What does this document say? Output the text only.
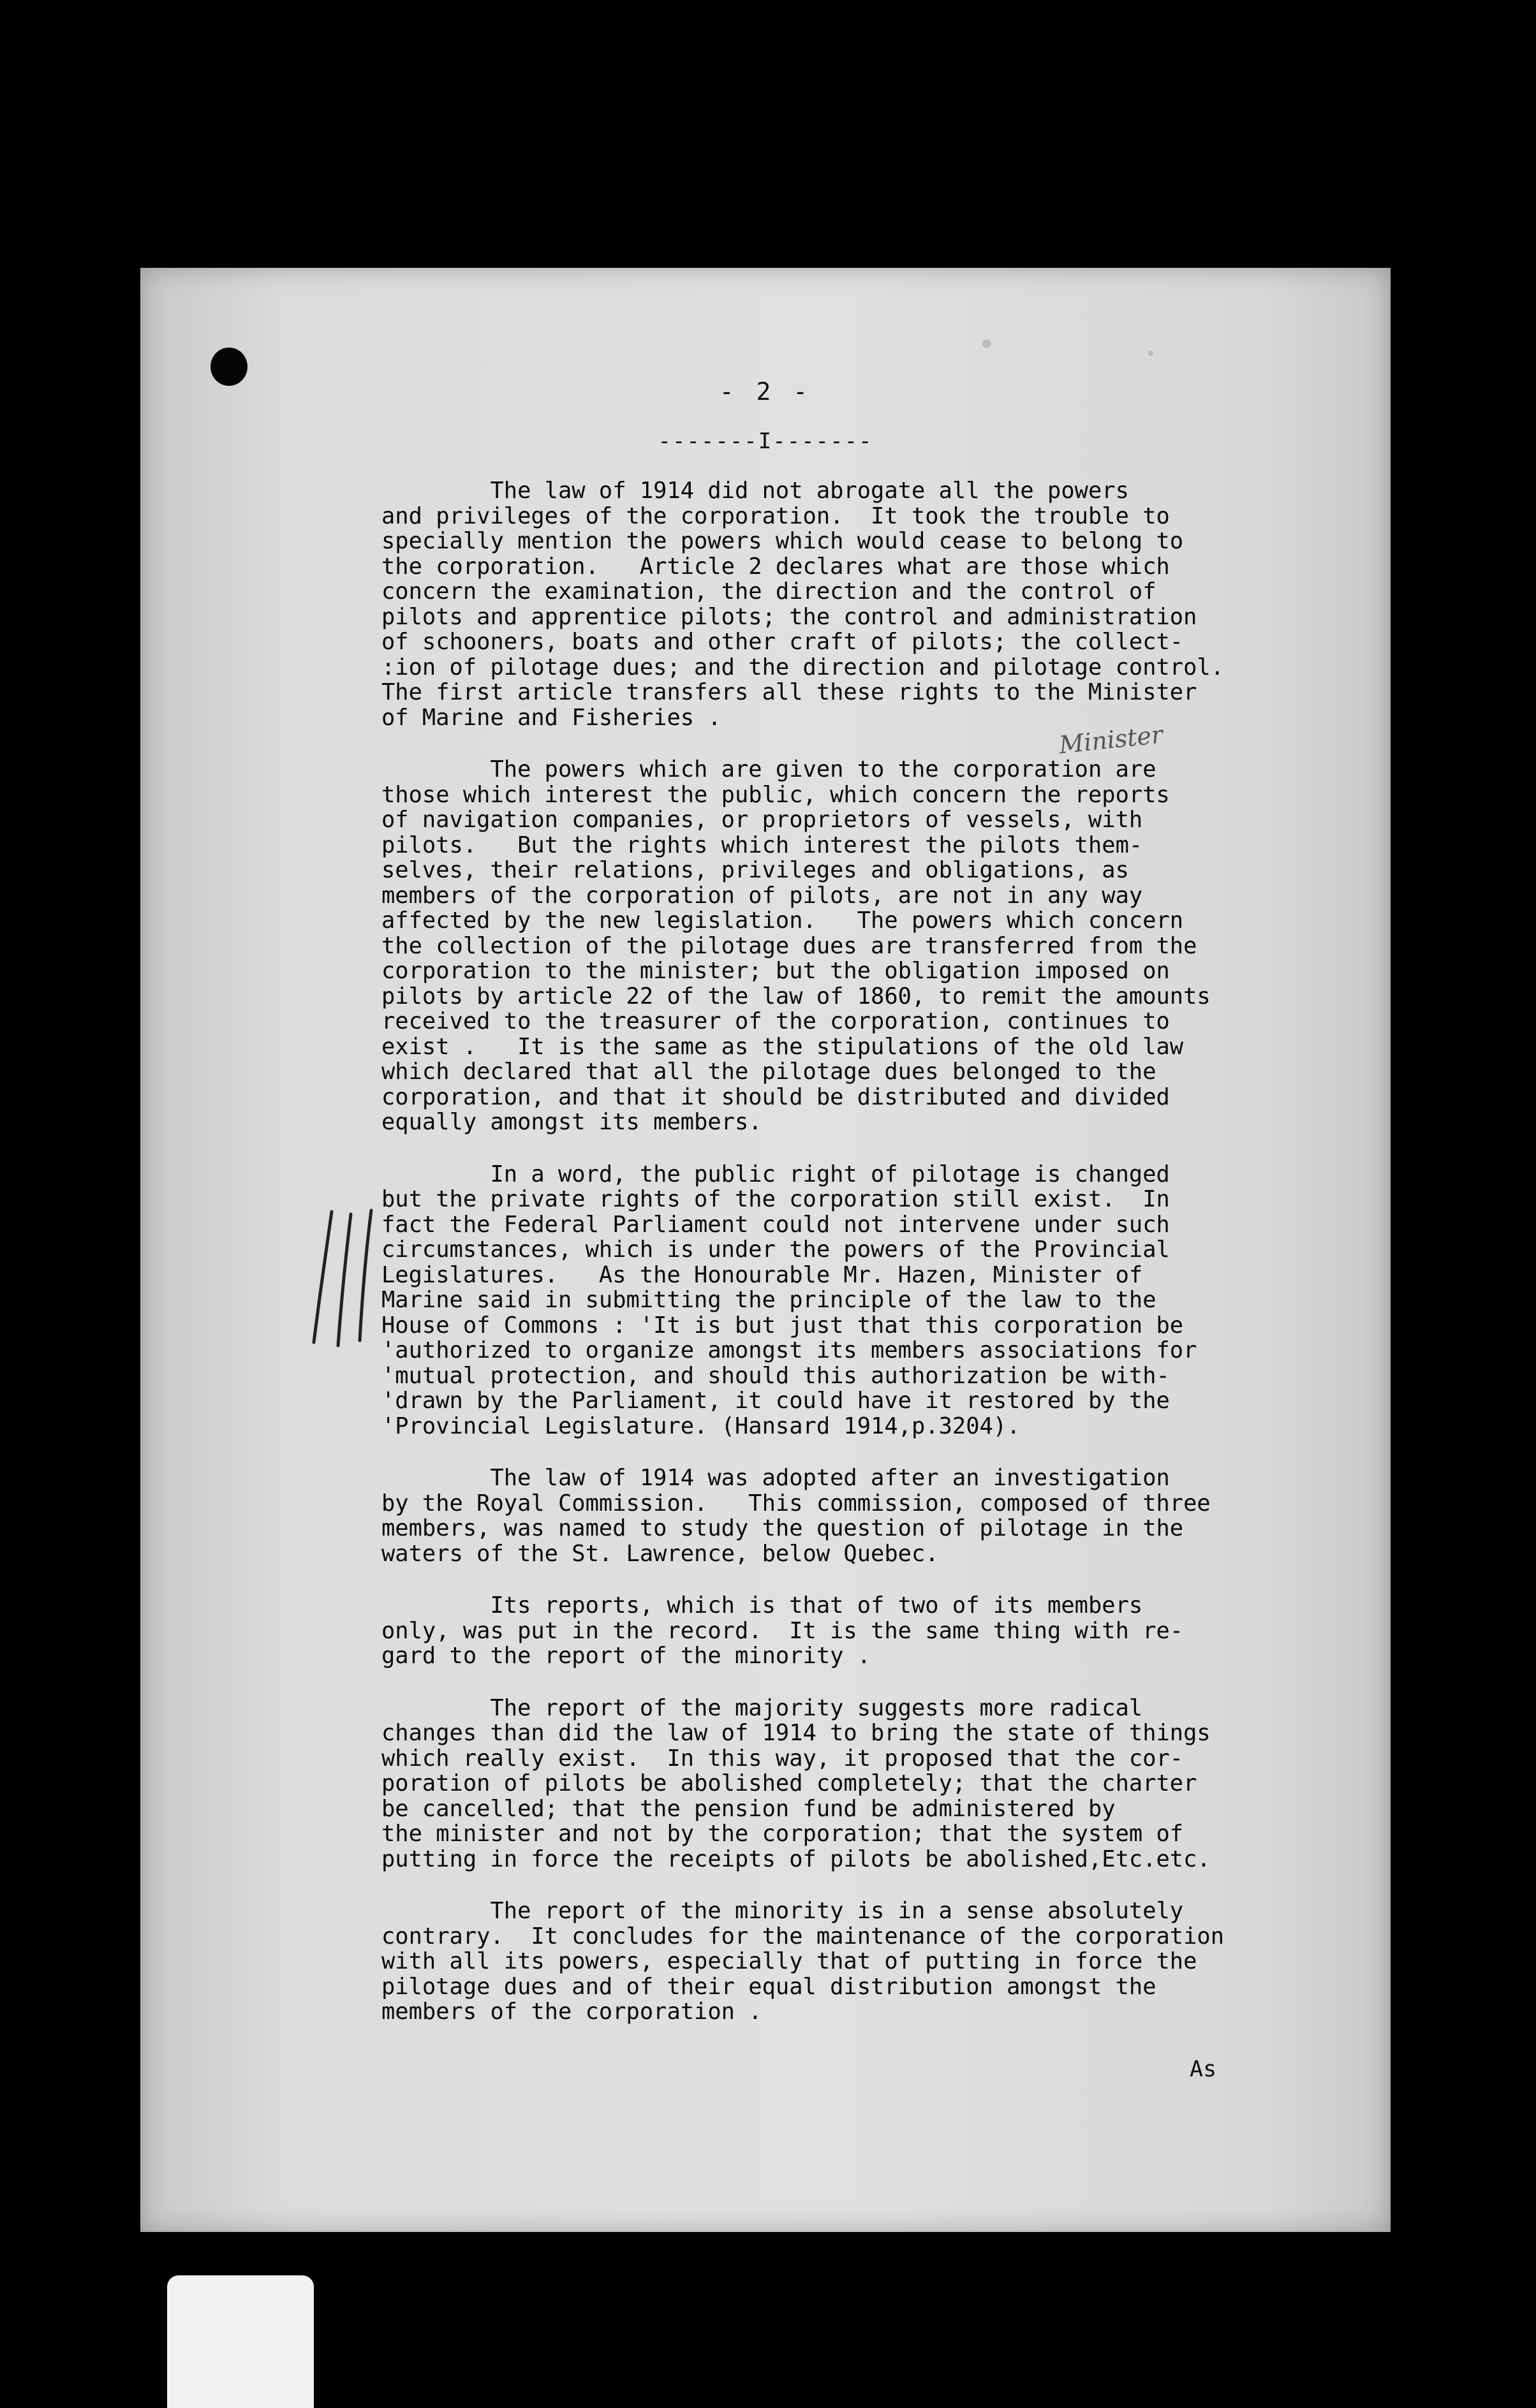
- 2 -
-------I-------
Minister
The law of 1914 did not abrogate all the powers
and privileges of the corporation.  It took the trouble to
specially mention the powers which would cease to belong to
the corporation.   Article 2 declares what are those which
concern the examination, the direction and the control of
pilots and apprentice pilots; the control and administration
of schooners, boats and other craft of pilots; the collect-
:ion of pilotage dues; and the direction and pilotage control.
The first article transfers all these rights to the Minister
of Marine and Fisheries .
The powers which are given to the corporation are
those which interest the public, which concern the reports
of navigation companies, or proprietors of vessels, with
pilots.   But the rights which interest the pilots them-
selves, their relations, privileges and obligations, as
members of the corporation of pilots, are not in any way
affected by the new legislation.   The powers which concern
the collection of the pilotage dues are transferred from the
corporation to the minister; but the obligation imposed on
pilots by article 22 of the law of 1860, to remit the amounts
received to the treasurer of the corporation, continues to
exist .   It is the same as the stipulations of the old law
which declared that all the pilotage dues belonged to the
corporation, and that it should be distributed and divided
equally amongst its members.
In a word, the public right of pilotage is changed
but the private rights of the corporation still exist.  In
fact the Federal Parliament could not intervene under such
circumstances, which is under the powers of the Provincial
Legislatures.   As the Honourable Mr. Hazen, Minister of
Marine said in submitting the principle of the law to the
House of Commons : 'It is but just that this corporation be
'authorized to organize amongst its members associations for
'mutual protection, and should this authorization be with-
'drawn by the Parliament, it could have it restored by the
'Provincial Legislature. (Hansard 1914,p.3204).
The law of 1914 was adopted after an investigation
by the Royal Commission.   This commission, composed of three
members, was named to study the question of pilotage in the
waters of the St. Lawrence, below Quebec.
Its reports, which is that of two of its members
only, was put in the record.  It is the same thing with re-
gard to the report of the minority .
The report of the majority suggests more radical
changes than did the law of 1914 to bring the state of things
which really exist.  In this way, it proposed that the cor-
poration of pilots be abolished completely; that the charter
be cancelled; that the pension fund be administered by
the minister and not by the corporation; that the system of
putting in force the receipts of pilots be abolished,Etc.etc.
The report of the minority is in a sense absolutely
contrary.  It concludes for the maintenance of the corporation
with all its powers, especially that of putting in force the
pilotage dues and of their equal distribution amongst the
members of the corporation .
As
